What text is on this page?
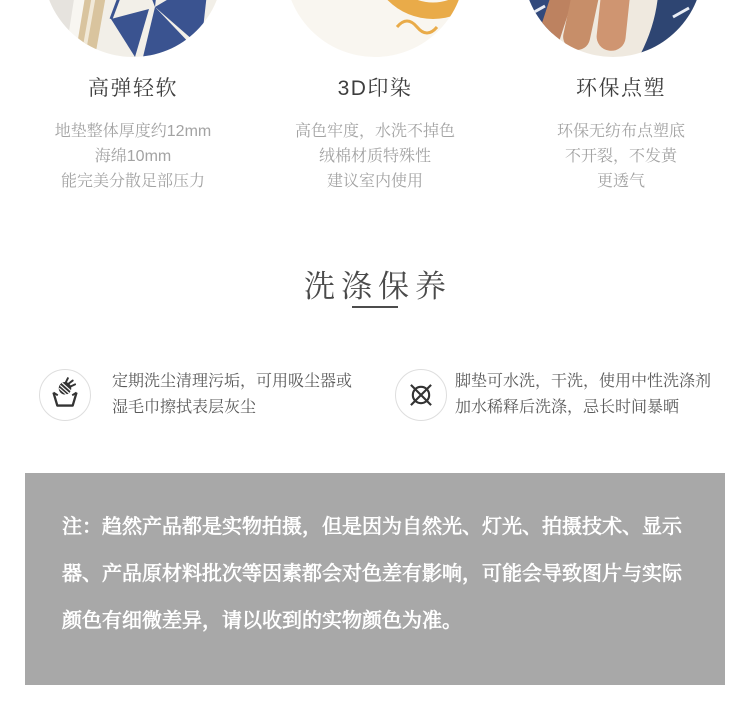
高弹轻软	3D印染	环保点塑
地垫整体厚度约12mm
海绵10mm
能完美分散足部压力
高色牢度，水洗不掉色
绒棉材质特殊性
建议室内使用
环保无纺布点塑底
不开裂，不发黄
更透气
洗涤保养
定期洗尘清理污垢，可用吸尘器或
湿毛巾擦拭表层灰尘
脚垫可水洗，干洗，使用中性洗涤剂
加水稀释后洗涤，忌长时间暴晒
注：趋然产品都是实物拍摄，但是因为自然光、灯光、拍摄技术、显示
器、产品原材料批次等因素都会对色差有影响，可能会导致图片与实际
颜色有细微差异，请以收到的实物颜色为准。
